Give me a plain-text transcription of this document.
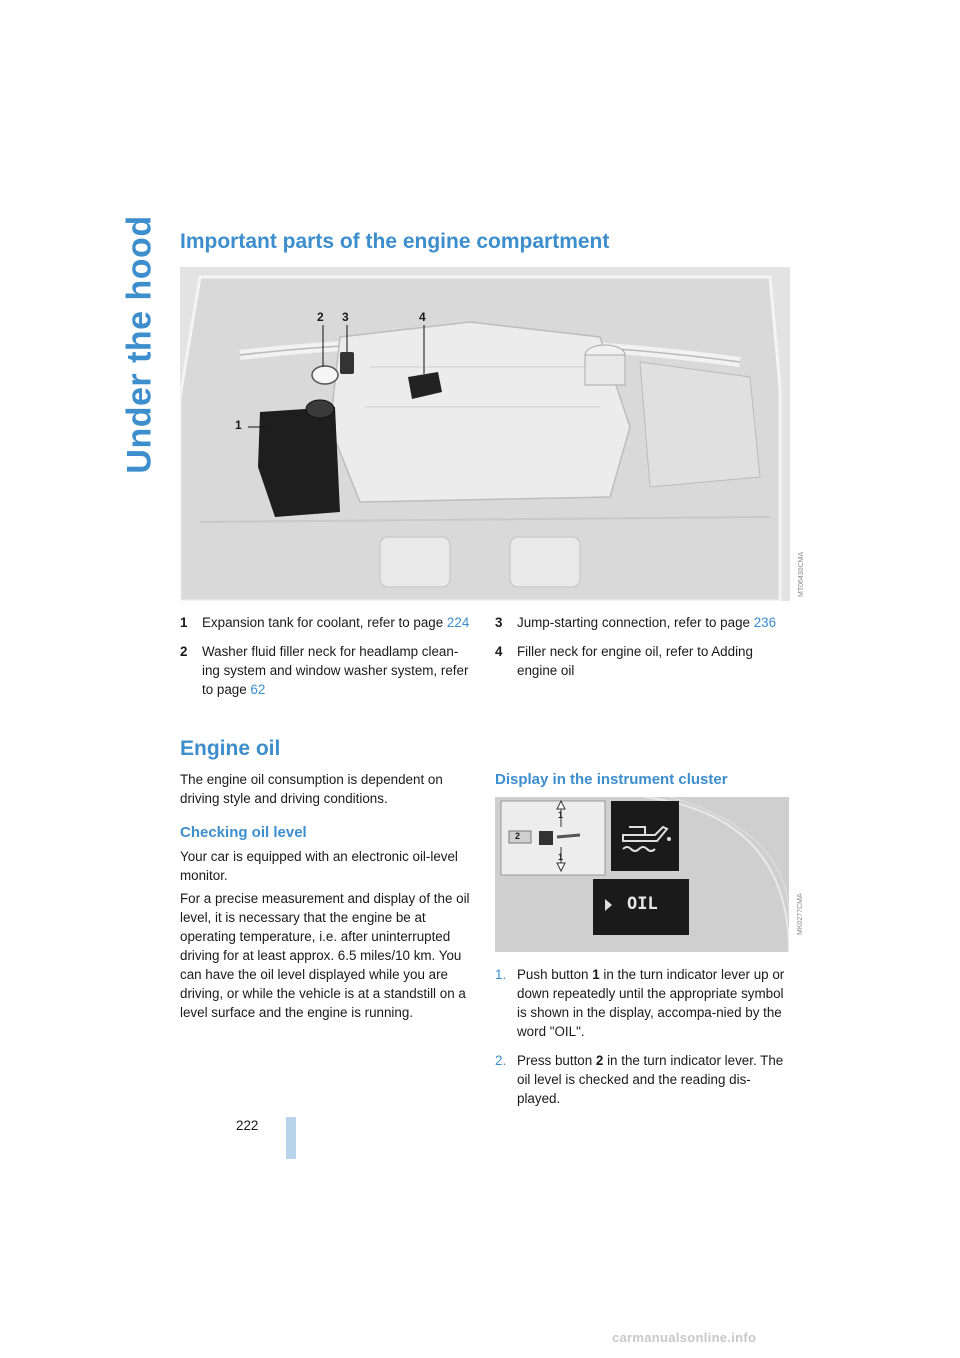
Under the hood Important parts of the engine compartment
2 3	4
1
MT06430CMA
1	Expansion tank for coolant, refer to page 224
2	Washer fluid filler neck for headlamp clean-ing system and window washer system, refer to page 62
3	Jump-starting connection, refer to page 236
4	Filler neck for engine oil, refer to Adding engine oil
Engine oil

The engine oil consumption is dependent on driving style and driving conditions.

Checking oil level

Your car is equipped with an electronic oil-level monitor.

For a precise measurement and display of the oil level, it is necessary that the engine be at operating temperature, i.e. after uninterrupted driving for at least approx. 6.5 miles/10 km. You can have the oil level displayed while you are driving, or while the vehicle is at a standstill on a level surface and the engine is running.

Display in the instrument cluster
1
2
1
OIL	MK0277CMA
1. Push button 1 in the turn indicator lever up or down repeatedly until the appropriate symbol is shown in the display, accompa-nied by the word "OIL".
2. Press button 2 in the turn indicator lever. The oil level is checked and the reading dis-played.
222
carmanualsonline.info
